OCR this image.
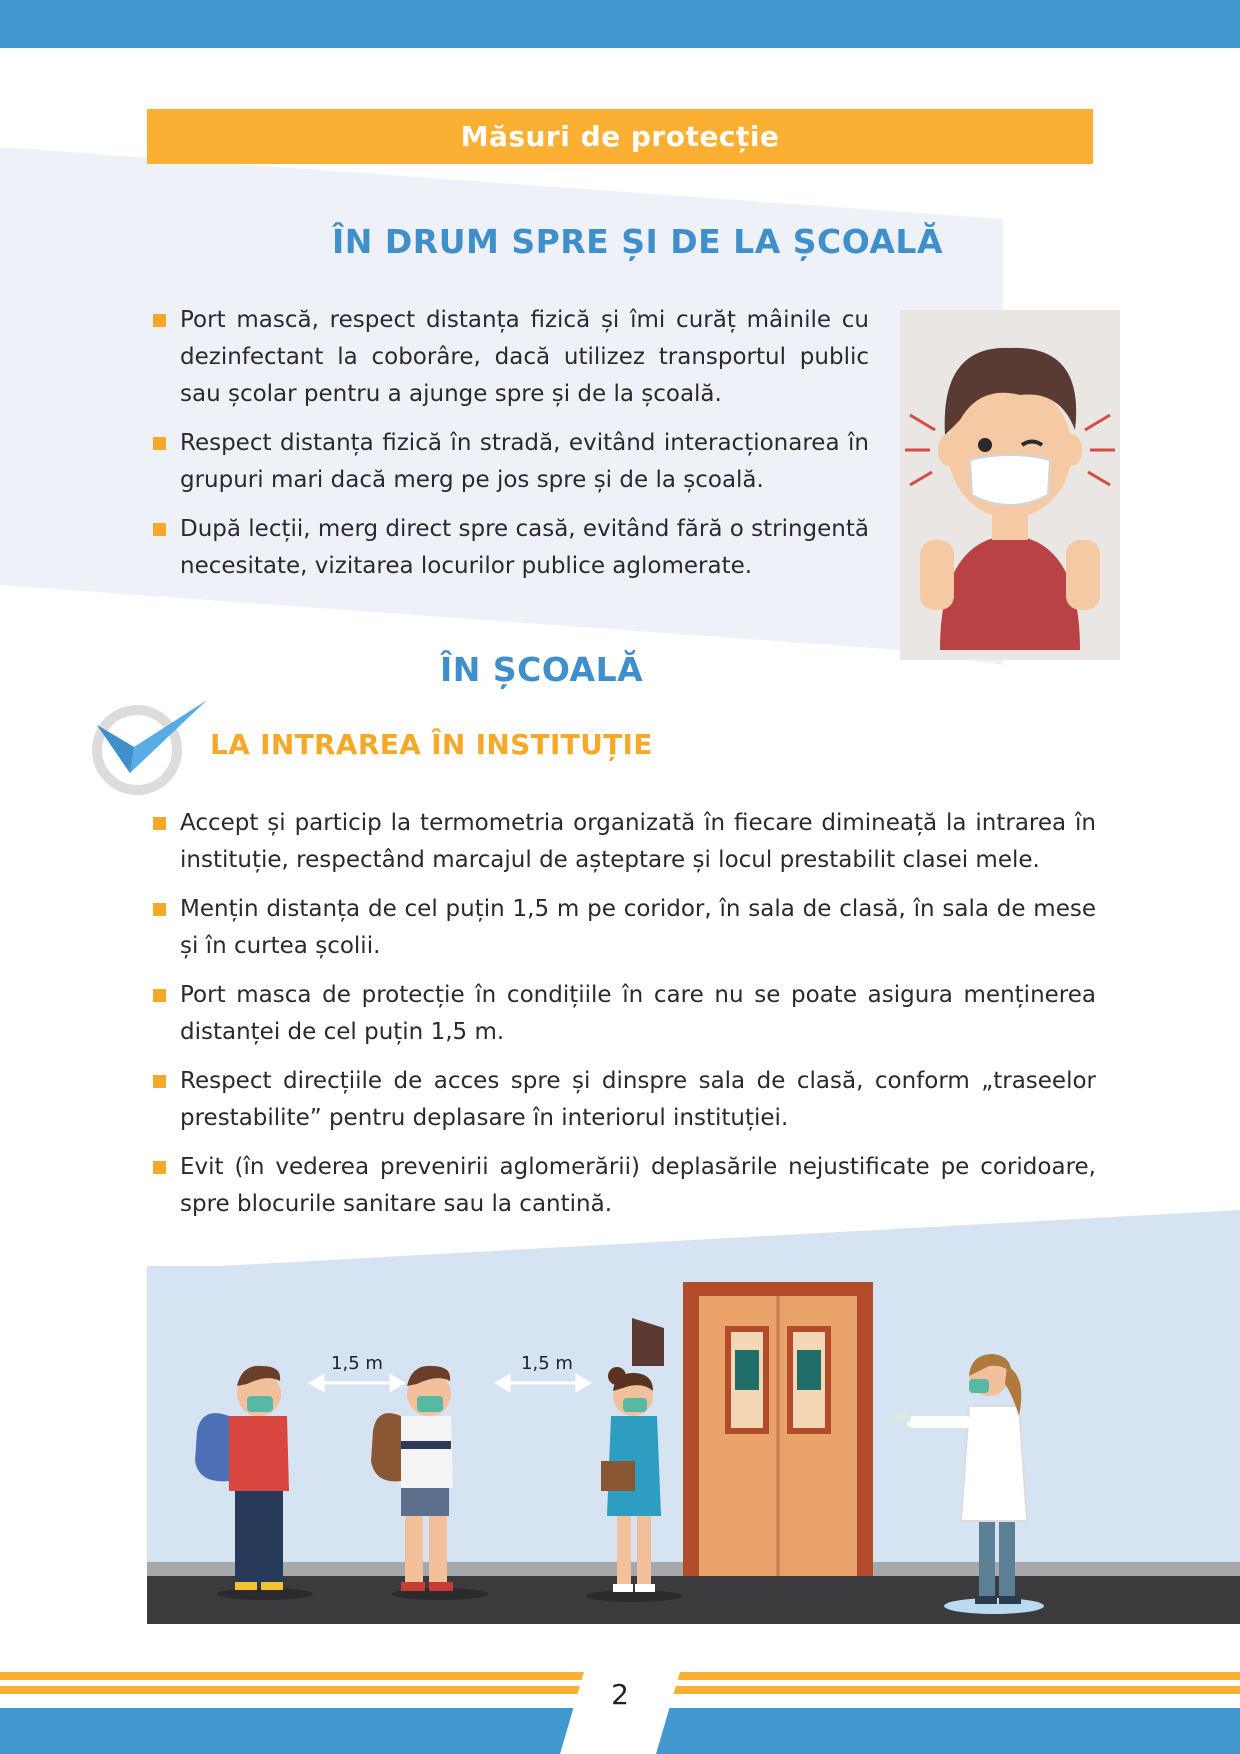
Măsuri de protecție
ÎN DRUM SPRE ȘI DE LA ȘCOALĂ
Port mască, respect distanța fizică și îmi curăț mâinile cu dezinfectant la coborâre, dacă utilizez transportul public sau școlar pentru a ajunge spre și de la școală.
Respect distanța fizică în stradă, evitând interacționarea în grupuri mari dacă merg pe jos spre și de la școală.
După lecții, merg direct spre casă, evitând fără o stringentă necesitate, vizitarea locurilor publice aglomerate.
ÎN ȘCOALĂ
LA INTRAREA ÎN INSTITUȚIE
Accept și particip la termometria organizată în fiecare dimineață la intrarea în instituție, respectând marcajul de așteptare și locul prestabilit clasei mele.
Mențin distanța de cel puțin 1,5 m pe coridor, în sala de clasă, în sala de mese și în curtea școlii.
Port masca de protecție în condițiile în care nu se poate asigura menținerea distanței de cel puțin 1,5 m.
Respect direcțiile de acces spre și dinspre sala de clasă, conform „traseelor prestabilite” pentru deplasare în interiorul instituției.
Evit (în vederea prevenirii aglomerării) deplasările nejustificate pe coridoare, spre blocurile sanitare sau la cantină.
1,5 m	1,5 m
2
